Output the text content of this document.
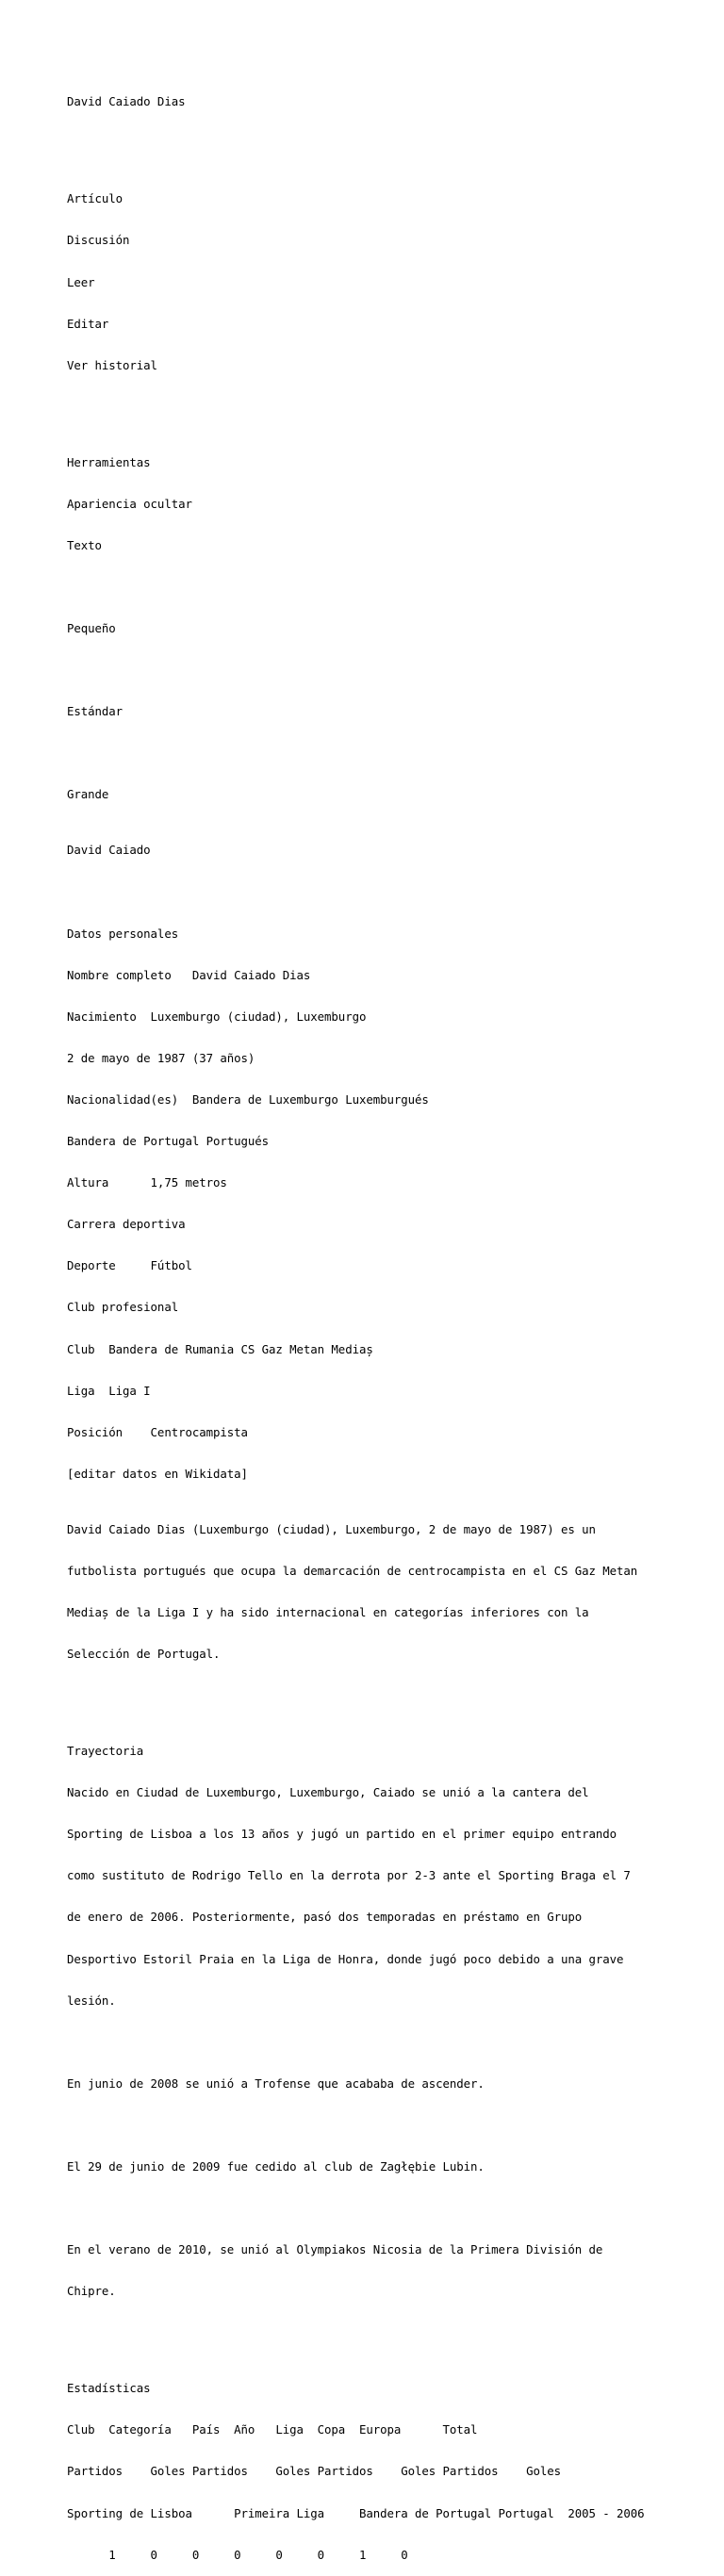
David Caiado Dias

Artículo

Discusión

Leer

Editar

Ver historial

Herramientas

Apariencia ocultar

Texto

Pequeño

Estándar

Grande

David Caiado

Datos personales

Nombre completo   David Caiado Dias

Nacimiento  Luxemburgo (ciudad), Luxemburgo

2 de mayo de 1987 (37 años)

Nacionalidad(es)  Bandera de Luxemburgo Luxemburgués

Bandera de Portugal Portugués

Altura      1,75 metros

Carrera deportiva

Deporte     Fútbol

Club profesional

Club  Bandera de Rumania CS Gaz Metan Mediaș

Liga  Liga I

Posición    Centrocampista

[editar datos en Wikidata]

David Caiado Dias (Luxemburgo (ciudad), Luxemburgo, 2 de mayo de 1987) es un

futbolista portugués que ocupa la demarcación de centrocampista en el CS Gaz Metan

Mediaș de la Liga I y ha sido internacional en categorías inferiores con la

Selección de Portugal.

Trayectoria

Nacido en Ciudad de Luxemburgo, Luxemburgo, Caiado se unió a la cantera del

Sporting de Lisboa a los 13 años y jugó un partido en el primer equipo entrando

como sustituto de Rodrigo Tello en la derrota por 2-3 ante el Sporting Braga el 7

de enero de 2006. Posteriormente, pasó dos temporadas en préstamo en Grupo

Desportivo Estoril Praia en la Liga de Honra, donde jugó poco debido a una grave

lesión.

En junio de 2008 se unió a Trofense que acababa de ascender.

El 29 de junio de 2009 fue cedido al club de Zagłębie Lubin.

En el verano de 2010, se unió al Olympiakos Nicosia de la Primera División de

Chipre.

Estadísticas

Club  Categoría   País  Año   Liga  Copa  Europa      Total

Partidos    Goles Partidos    Goles Partidos    Goles Partidos    Goles

Sporting de Lisboa      Primeira Liga     Bandera de Portugal Portugal  2005 - 2006

1     0     0     0     0     0     1     0
